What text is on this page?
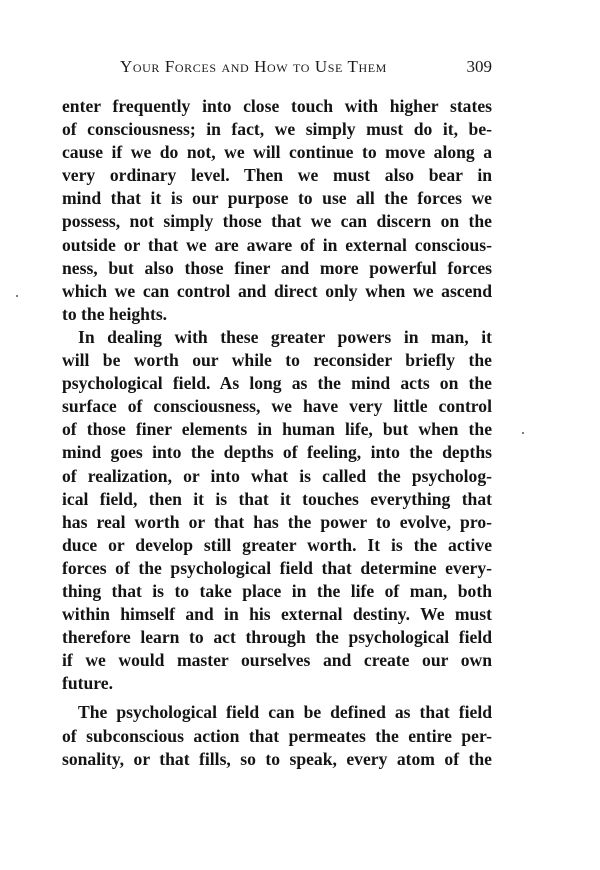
Your Forces and How to Use Them	309
enter frequently into close touch with higher states
of consciousness; in fact, we simply must do it, be-
cause if we do not, we will continue to move along a
very ordinary level. Then we must also bear in
mind that it is our purpose to use all the forces we
possess, not simply those that we can discern on the
outside or that we are aware of in external conscious-
ness, but also those finer and more powerful forces
which we can control and direct only when we ascend
to the heights.
In dealing with these greater powers in man, it
will be worth our while to reconsider briefly the
psychological field. As long as the mind acts on the
surface of consciousness, we have very little control
of those finer elements in human life, but when the
mind goes into the depths of feeling, into the depths
of realization, or into what is called the psycholog-
ical field, then it is that it touches everything that
has real worth or that has the power to evolve, pro-
duce or develop still greater worth. It is the active
forces of the psychological field that determine every-
thing that is to take place in the life of man, both
within himself and in his external destiny. We must
therefore learn to act through the psychological field
if we would master ourselves and create our own
future.
The psychological field can be defined as that field
of subconscious action that permeates the entire per-
sonality, or that fills, so to speak, every atom of the
